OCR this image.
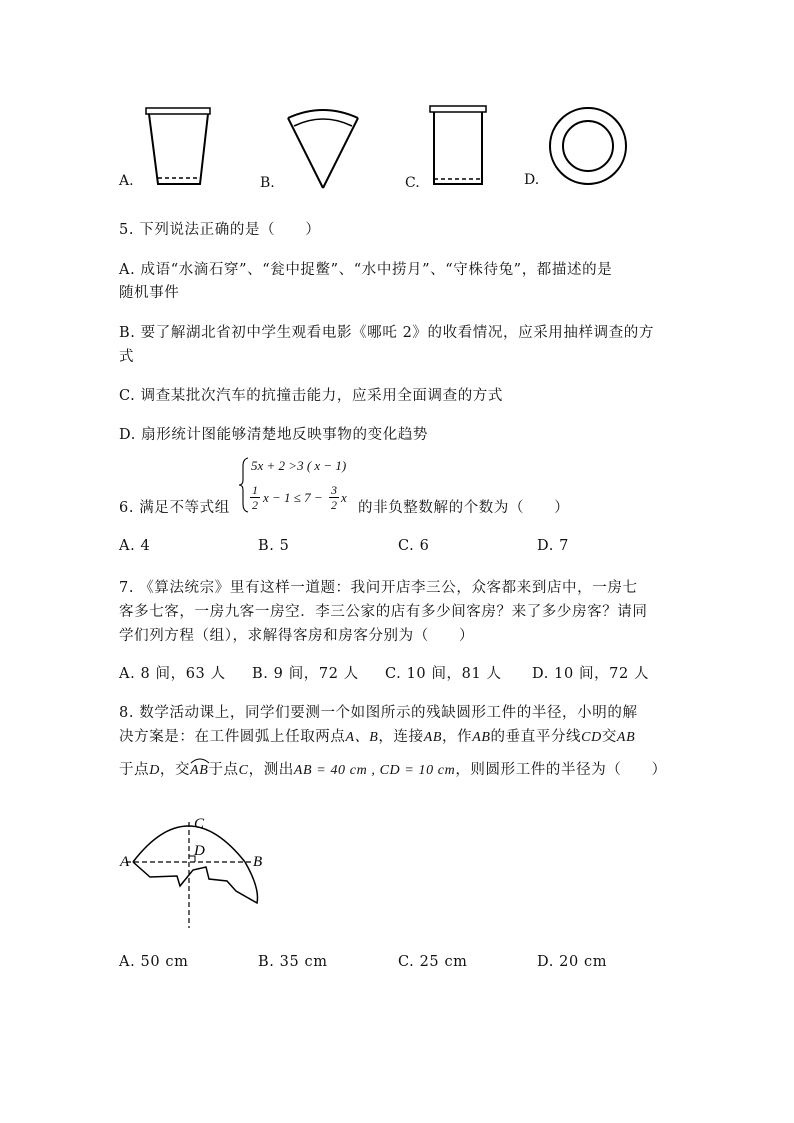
A.	B.	C.	D.
5. 下列说法正确的是（　　）
A. 成语“水滴石穿”、“瓮中捉鳖”、“水中捞月”、“守株待兔”，都描述的是
随机事件
B. 要了解湖北省初中学生观看电影《哪吒 2》的收看情况，应采用抽样调查的方
式
C. 调查某批次汽车的抗撞击能力，应采用全面调查的方式
D. 扇形统计图能够清楚地反映事物的变化趋势
6. 满足不等式组
5x + 2 >3 ( x − 1)
1
2 x − 1 ≤ 7 − 3
2 x
的非负整数解的个数为（　　）
A. 4	B. 5	C. 6	D. 7
7. 《算法统宗》里有这样一道题：我问开店李三公，众客都来到店中，一房七
客多七客，一房九客一房空．李三公家的店有多少间客房？来了多少房客？请同
学们列方程（组），求解得客房和房客分别为（　　）
A. 8 间，63 人 B. 9 间，72 人 C. 10 间，81 人 D. 10 间，72 人
8. 数学活动课上，同学们要测一个如图所示的残缺圆形工件的半径，小明的解
决方案是：在工件圆弧上任取两点A、B，连接AB，作AB的垂直平分线CD交AB
于点D，交
AB于点C，测出AB = 40 cm , CD = 10 cm，则圆形工件的半径为（　　）
C
D
A	B
A. 50 cm	B. 35 cm	C. 25 cm	D. 20 cm
